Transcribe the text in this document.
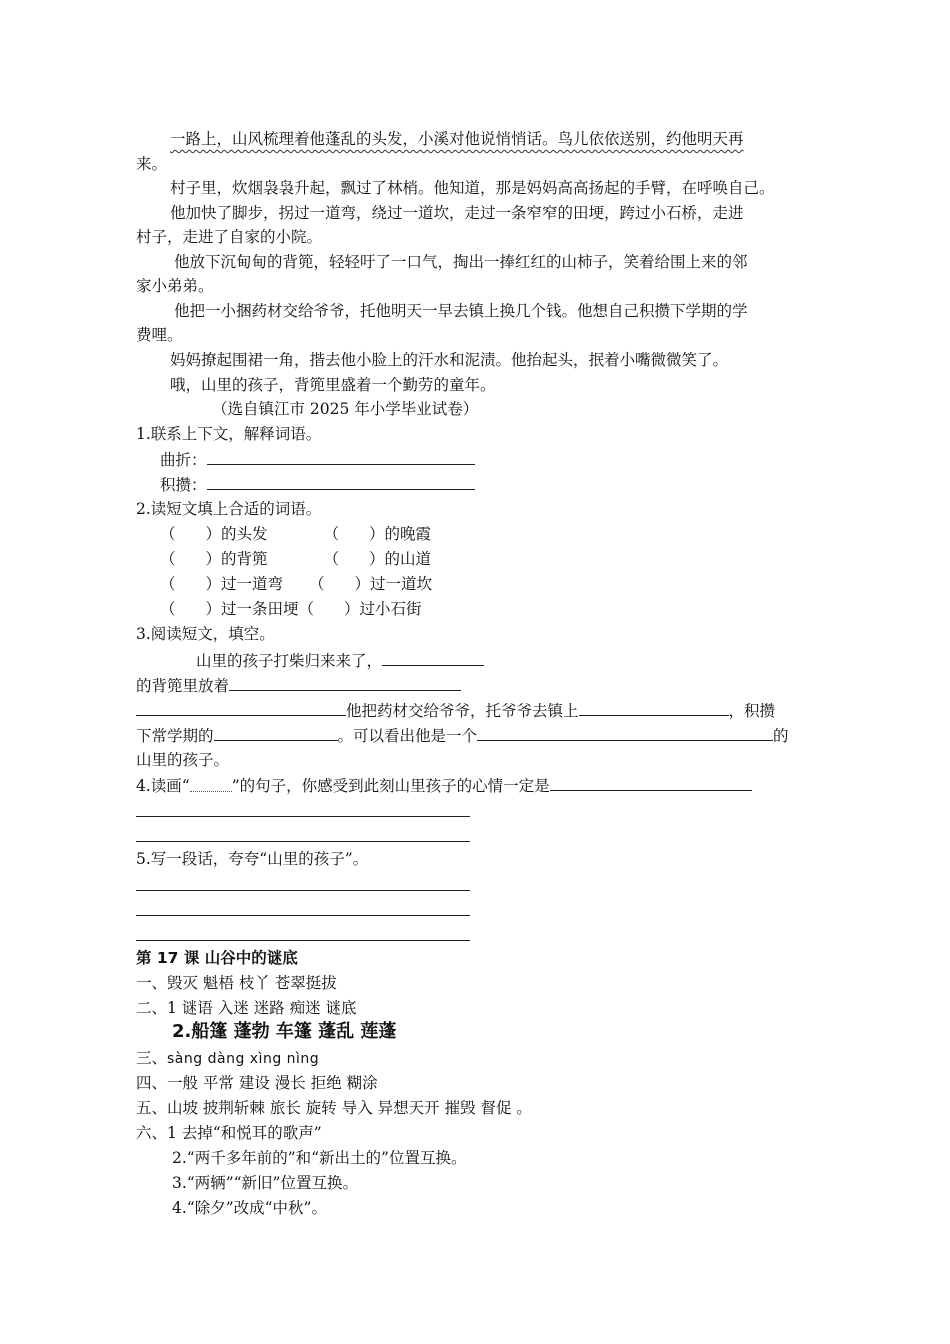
一路上，山风梳理着他蓬乱的头发，小溪对他说悄悄话。鸟儿依依送别，约他明天再
来。
村子里，炊烟袅袅升起，飘过了林梢。他知道，那是妈妈高高扬起的手臂，在呼唤自己。
他加快了脚步，拐过一道弯，绕过一道坎，走过一条窄窄的田埂，跨过小石桥，走进
村子，走进了自家的小院。
他放下沉甸甸的背篼，轻轻吁了一口气，掏出一捧红红的山柿子，笑着给围上来的邻
家小弟弟。
他把一小捆药材交给爷爷，托他明天一早去镇上换几个钱。他想自己积攒下学期的学
费哩。
妈妈撩起围裙一角，揩去他小脸上的汗水和泥渍。他抬起头，抿着小嘴微微笑了。
哦，山里的孩子，背篼里盛着一个勤劳的童年。
（选自镇江市 2025 年小学毕业试卷）
1.联系上下文，解释词语。
曲折：
积攒：
2.读短文填上合适的词语。
（ ）的头发	（ ）的晚霞
（ ）的背篼	（ ）的山道
（ ）过一道弯 （ ）过一道坎
（ ）过一条田埂（ ）过小石街
3.阅读短文，填空。
山里的孩子打柴归来来了，
的背篼里放着
他把药材交给爷爷，托爷爷去镇上	，积攒
下常学期的	。可以看出他是一个	的
山里的孩子。
4.读画“	”的句子，你感受到此刻山里孩子的心情一定是
5.写一段话，夸夸“山里的孩子”。
第 17 课 山谷中的谜底
一、毁灭 魁梧 枝丫 苍翠挺拔
二、1 谜语 入迷 迷路 痴迷 谜底
2.船篷 蓬勃 车篷 蓬乱 莲蓬
三、sàng dàng xìng nìng
四、一般 平常 建设 漫长 拒绝 糊涂
五、山坡 披荆斩棘 旅长 旋转 导入 异想天开 摧毁 督促 。
六、1 去掉“和悦耳的歌声”
2.“两千多年前的”和“新出土的”位置互换。
3.“两辆”“新旧”位置互换。
4.“除夕”改成“中秋”。
